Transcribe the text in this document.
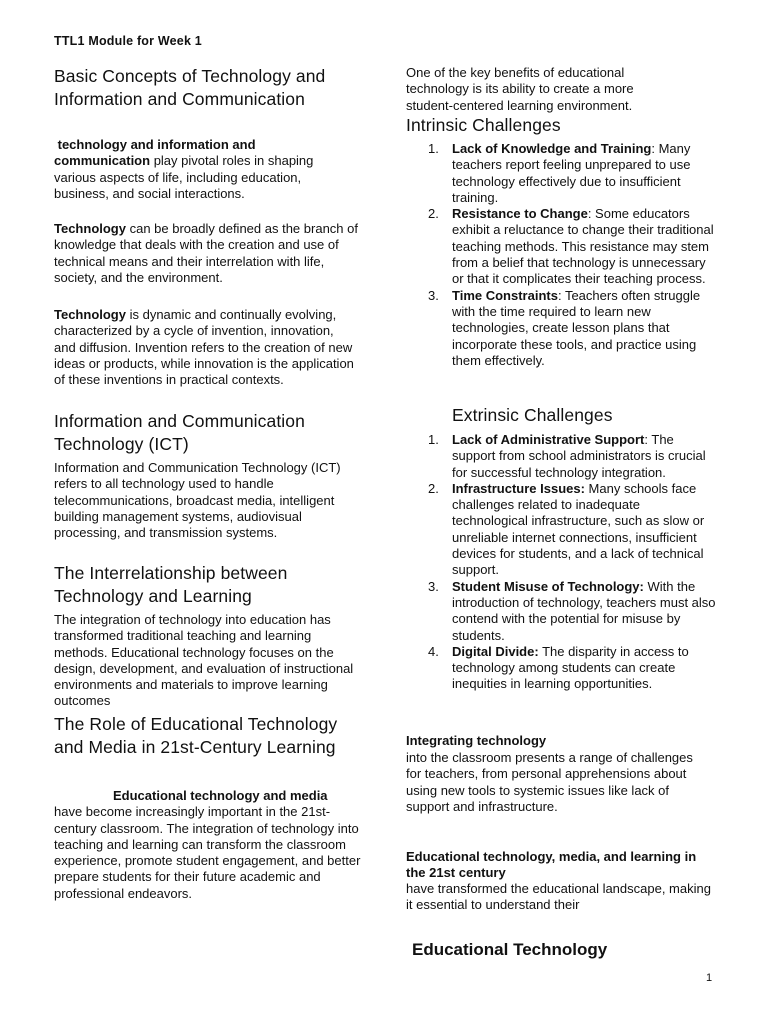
TTL1 Module for Week 1
Basic Concepts of Technology and Information and Communication

technology and information and communication play pivotal roles in shaping various aspects of life, including education, business, and social interactions.

Technology can be broadly defined as the branch of knowledge that deals with the creation and use of technical means and their interrelation with life, society, and the environment.

Technology is dynamic and continually evolving, characterized by a cycle of invention, innovation, and diffusion. Invention refers to the creation of new ideas or products, while innovation is the application of these inventions in practical contexts.

Information and Communication Technology (ICT)

Information and Communication Technology (ICT) refers to all technology used to handle telecommunications, broadcast media, intelligent building management systems, audiovisual processing, and transmission systems.

The Interrelationship between Technology and Learning

The integration of technology into education has transformed traditional teaching and learning methods. Educational technology focuses on the design, development, and evaluation of instructional environments and materials to improve learning outcomes

The Role of Educational Technology and Media in 21st-Century Learning

Educational technology and media
have become increasingly important in the 21st-century classroom. The integration of technology into teaching and learning can transform the classroom experience, promote student engagement, and better prepare students for their future academic and professional endeavors.

One of the key benefits of educational technology is its ability to create a more student-centered learning environment.

Intrinsic Challenges
1. Lack of Knowledge and Training: Many teachers report feeling unprepared to use technology effectively due to insufficient training.
2. Resistance to Change: Some educators exhibit a reluctance to change their traditional teaching methods. This resistance may stem from a belief that technology is unnecessary or that it complicates their teaching process.
3. Time Constraints: Teachers often struggle with the time required to learn new technologies, create lesson plans that incorporate these tools, and practice using them effectively.
Extrinsic Challenges
1. Lack of Administrative Support: The support from school administrators is crucial for successful technology integration.
2. Infrastructure Issues: Many schools face challenges related to inadequate technological infrastructure, such as slow or unreliable internet connections, insufficient devices for students, and a lack of technical support.
3. Student Misuse of Technology: With the introduction of technology, teachers must also contend with the potential for misuse by students.
4. Digital Divide: The disparity in access to technology among students can create inequities in learning opportunities.

Integrating technology

into the classroom presents a range of challenges for teachers, from personal apprehensions about using new tools to systemic issues like lack of support and infrastructure.

Educational technology, media, and learning in the 21st century

have transformed the educational landscape, making it essential to understand their

Educational Technology
1
